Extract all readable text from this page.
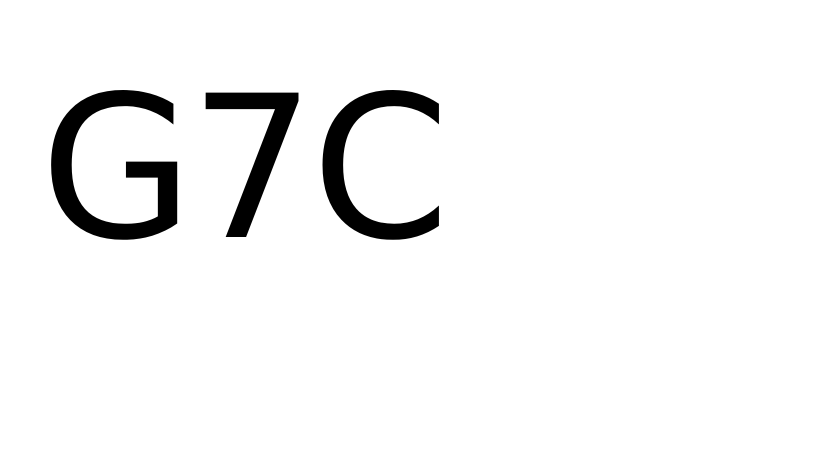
G7C
